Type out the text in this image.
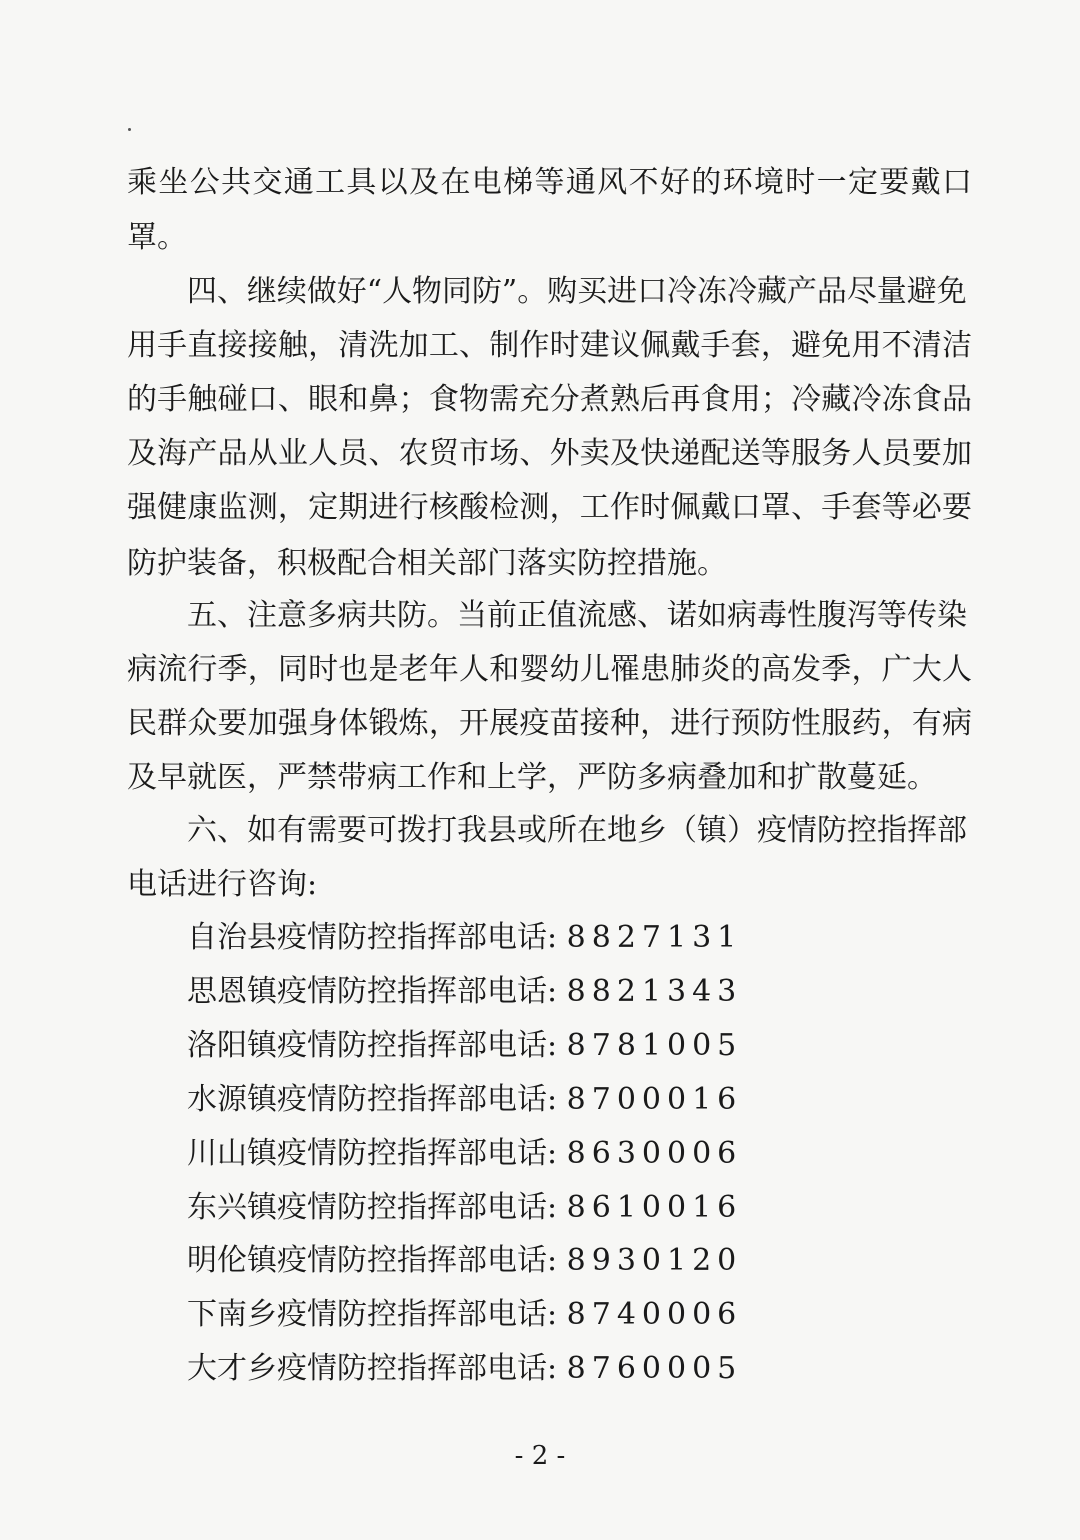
乘坐公共交通工具以及在电梯等通风不好的环境时一定要戴口
罩。
四、继续做好“人物同防”。购买进口冷冻冷藏产品尽量避免
用手直接接触，清洗加工、制作时建议佩戴手套，避免用不清洁
的手触碰口、眼和鼻；食物需充分煮熟后再食用；冷藏冷冻食品
及海产品从业人员、农贸市场、外卖及快递配送等服务人员要加
强健康监测，定期进行核酸检测，工作时佩戴口罩、手套等必要
防护装备，积极配合相关部门落实防控措施。
五、注意多病共防。当前正值流感、诺如病毒性腹泻等传染
病流行季，同时也是老年人和婴幼儿罹患肺炎的高发季，广大人
民群众要加强身体锻炼，开展疫苗接种，进行预防性服药，有病
及早就医，严禁带病工作和上学，严防多病叠加和扩散蔓延。
六、如有需要可拨打我县或所在地乡（镇）疫情防控指挥部
电话进行咨询:
自治县疫情防控指挥部电话: 8827131
思恩镇疫情防控指挥部电话: 8821343
洛阳镇疫情防控指挥部电话: 8781005
水源镇疫情防控指挥部电话: 8700016
川山镇疫情防控指挥部电话: 8630006
东兴镇疫情防控指挥部电话: 8610016
明伦镇疫情防控指挥部电话: 8930120
下南乡疫情防控指挥部电话: 8740006
大才乡疫情防控指挥部电话: 8760005
- 2 -
